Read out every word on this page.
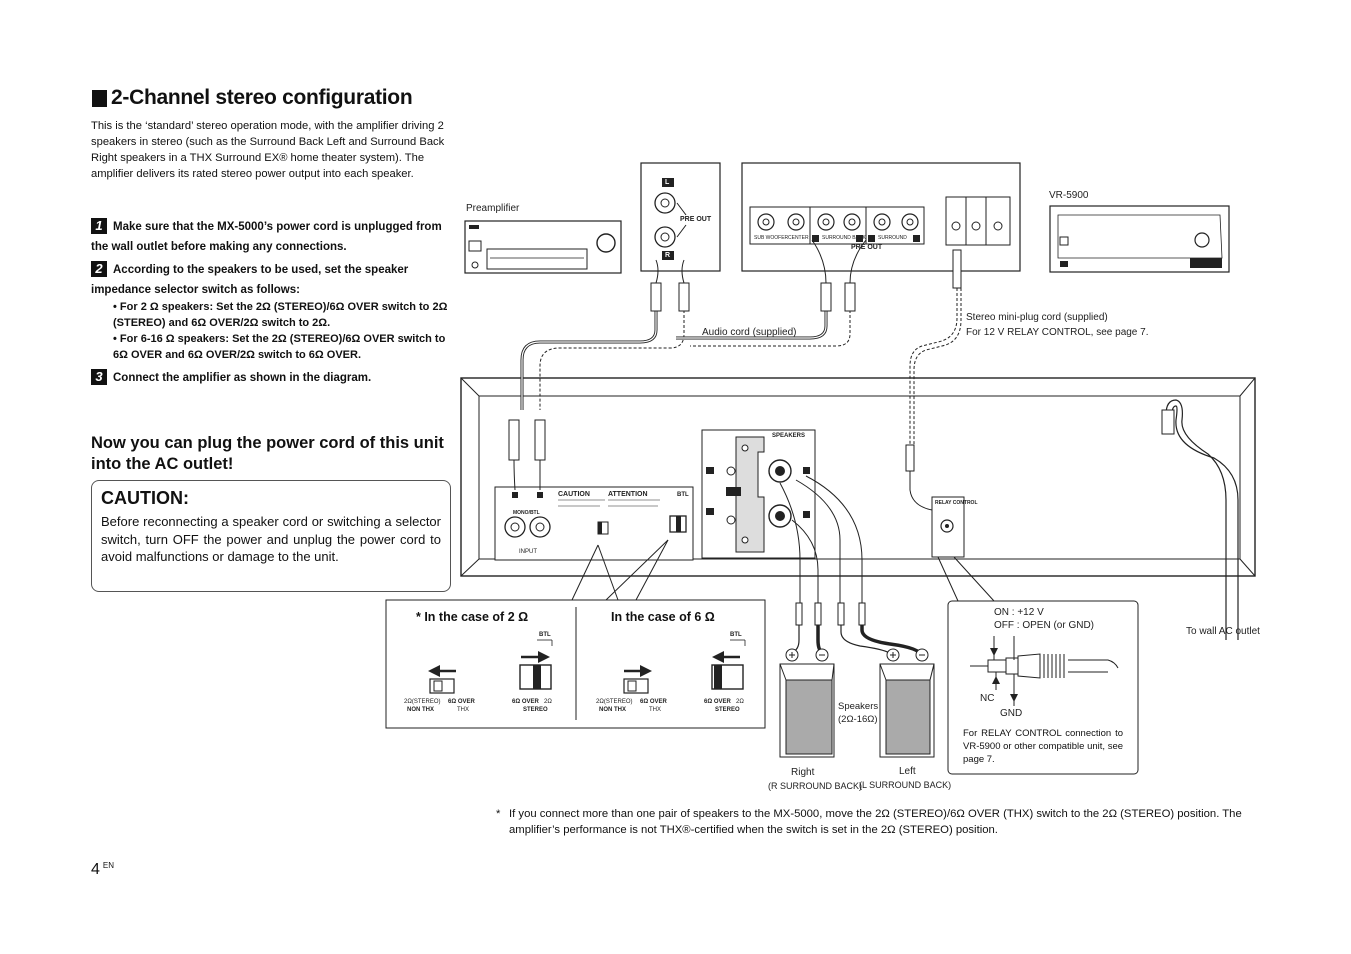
2-Channel stereo configuration
This is the ‘standard’ stereo operation mode, with the amplifier driving 2 speakers in stereo (such as the Surround Back Left and Surround Back Right speakers in a THX Surround EX® home theater system). The amplifier delivers its rated stereo power output into each speaker.
1 Make sure that the MX-5000’s power cord is unplugged from the wall outlet before making any connections.
2 According to the speakers to be used, set the speaker impedance selector switch as follows:
• For 2 Ω speakers: Set the 2Ω (STEREO)/6Ω OVER switch to 2Ω (STEREO) and 6Ω OVER/2Ω switch to 2Ω.
• For 6-16 Ω speakers: Set the 2Ω (STEREO)/6Ω OVER switch to 6Ω OVER and 6Ω OVER/2Ω switch to 6Ω OVER.
3 Connect the amplifier as shown in the diagram.
Now you can plug the power cord of this unit into the AC outlet!
CAUTION:
Before reconnecting a speaker cord or switching a selector switch, turn OFF the power and unplug the power cord to avoid malfunctions or damage to the unit.
Preamplifier
VR-5900
PRE OUT
PRE OUT
L
R
SUB WOOFER CENTER	SURROUND BACK SURROUND
Audio cord (supplied)
Stereo mini-plug cord (supplied)
For 12 V RELAY CONTROL, see page 7.
SPEAKERS
RELAY CONTROL
INPUT
MONO/BTL
BTL
CAUTION	ATTENTION
* In the case of 2 Ω	In the case of 6 Ω
BTL	BTL
2Ω(STEREO)
NON THX
6Ω OVER
THX
6Ω OVER 2Ω
STEREO
2Ω(STEREO)
NON THX
6Ω OVER
THX
6Ω OVER 2Ω
STEREO	Speakers
(2Ω-16Ω)
Right
(R SURROUND BACK)
Left
(L SURROUND BACK)
ON : +12 V
OFF : OPEN (or GND)
NC
GND
For RELAY CONTROL connection to VR-5900 or other compatible unit, see page 7.
To wall AC outlet
* If you connect more than one pair of speakers to the MX-5000, move the 2Ω (STEREO)/6Ω OVER (THX) switch to the 2Ω (STEREO) position. The amplifier’s performance is not THX®-certified when the switch is set in the 2Ω (STEREO) position.
4 $^{EN}$
